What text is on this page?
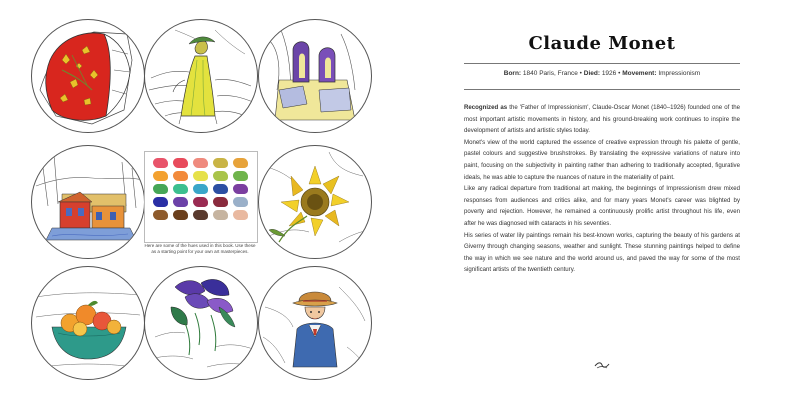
Here are some of the hues used in this book. Use these as a starting point for your own art masterpieces.
Claude Monet
Born: 1840 Paris, France • Died: 1926 • Movement: Impressionism

Recognized as the 'Father of Impressionism', Claude-Oscar Monet (1840–1926) founded one of the most important artistic movements in history, and his ground-breaking work continues to inspire the development of artists and artistic styles today.

Monet's view of the world captured the essence of creative expression through his palette of gentle, pastel colours and suggestive brushstrokes. By translating the expressive variations of nature into paint, focusing on the subjectivity in painting rather than adhering to traditionally accepted, figurative ideals, he was able to capture the nuances of nature in the materiality of paint.

Like any radical departure from traditional art making, the beginnings of Impressionism drew mixed responses from audiences and critics alike, and for many years Monet's career was blighted by poverty and rejection. However, he remained a continuously prolific artist throughout his life, even after he was diagnosed with cataracts in his seventies.

His series of water lily paintings remain his best-known works, capturing the beauty of his gardens at Giverny through changing seasons, weather and sunlight. These stunning paintings helped to define the way in which we see nature and the world around us, and paved the way for some of the most significant artists of the twentieth century.
